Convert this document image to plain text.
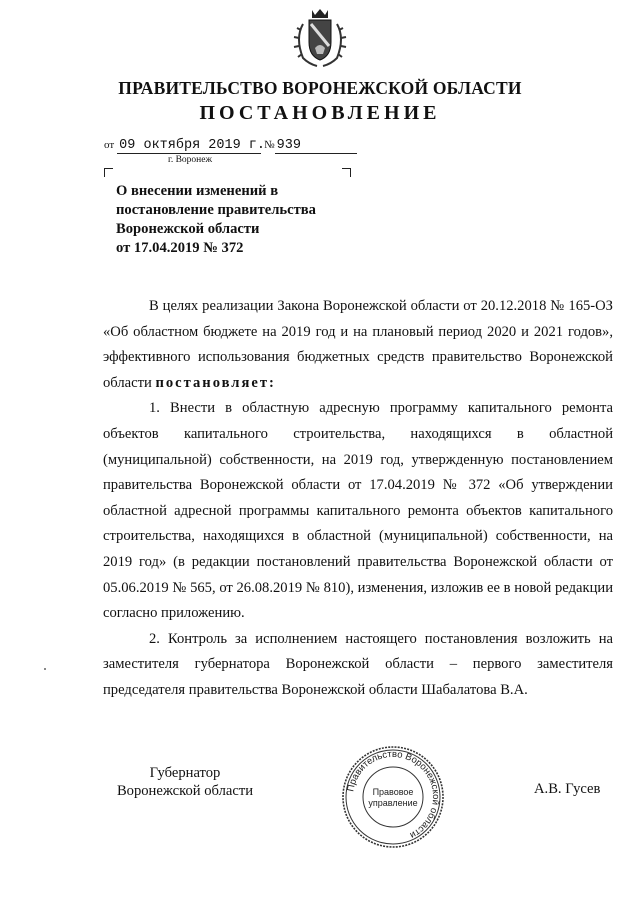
ПРАВИТЕЛЬСТВО ВОРОНЕЖСКОЙ ОБЛАСТИ
ПОСТАНОВЛЕНИЕ
от 09 октября 2019 г. № 939
г. Воронеж
О внесении изменений в
постановление правительства
Воронежской области
от 17.04.2019 № 372

В целях реализации Закона Воронежской области от 20.12.2018 № 165-ОЗ «Об областном бюджете на 2019 год и на плановый период 2020 и 2021 годов», эффективного использования бюджетных средств правительство Воронежской области постановляет:

1. Внести в областную адресную программу капитального ремонта объектов капитального строительства, находящихся в областной (муниципальной) собственности, на 2019 год, утвержденную постановлением правительства Воронежской области от 17.04.2019 № 372 «Об утверждении областной адресной программы капитального ремонта объектов капитального строительства, находящихся в областной (муниципальной) собственности, на 2019 год» (в редакции постановлений правительства Воронежской области от 05.06.2019 № 565, от 26.08.2019 № 810), изменения, изложив ее в новой редакции согласно приложению.

2. Контроль за исполнением настоящего постановления возложить на заместителя губернатора Воронежской области – первого заместителя председателя правительства Воронежской области Шабалатова В.А.

Губернатор
Воронежской области	Правительство Воронежской области
Правовое
управление
А.В. Гусев
